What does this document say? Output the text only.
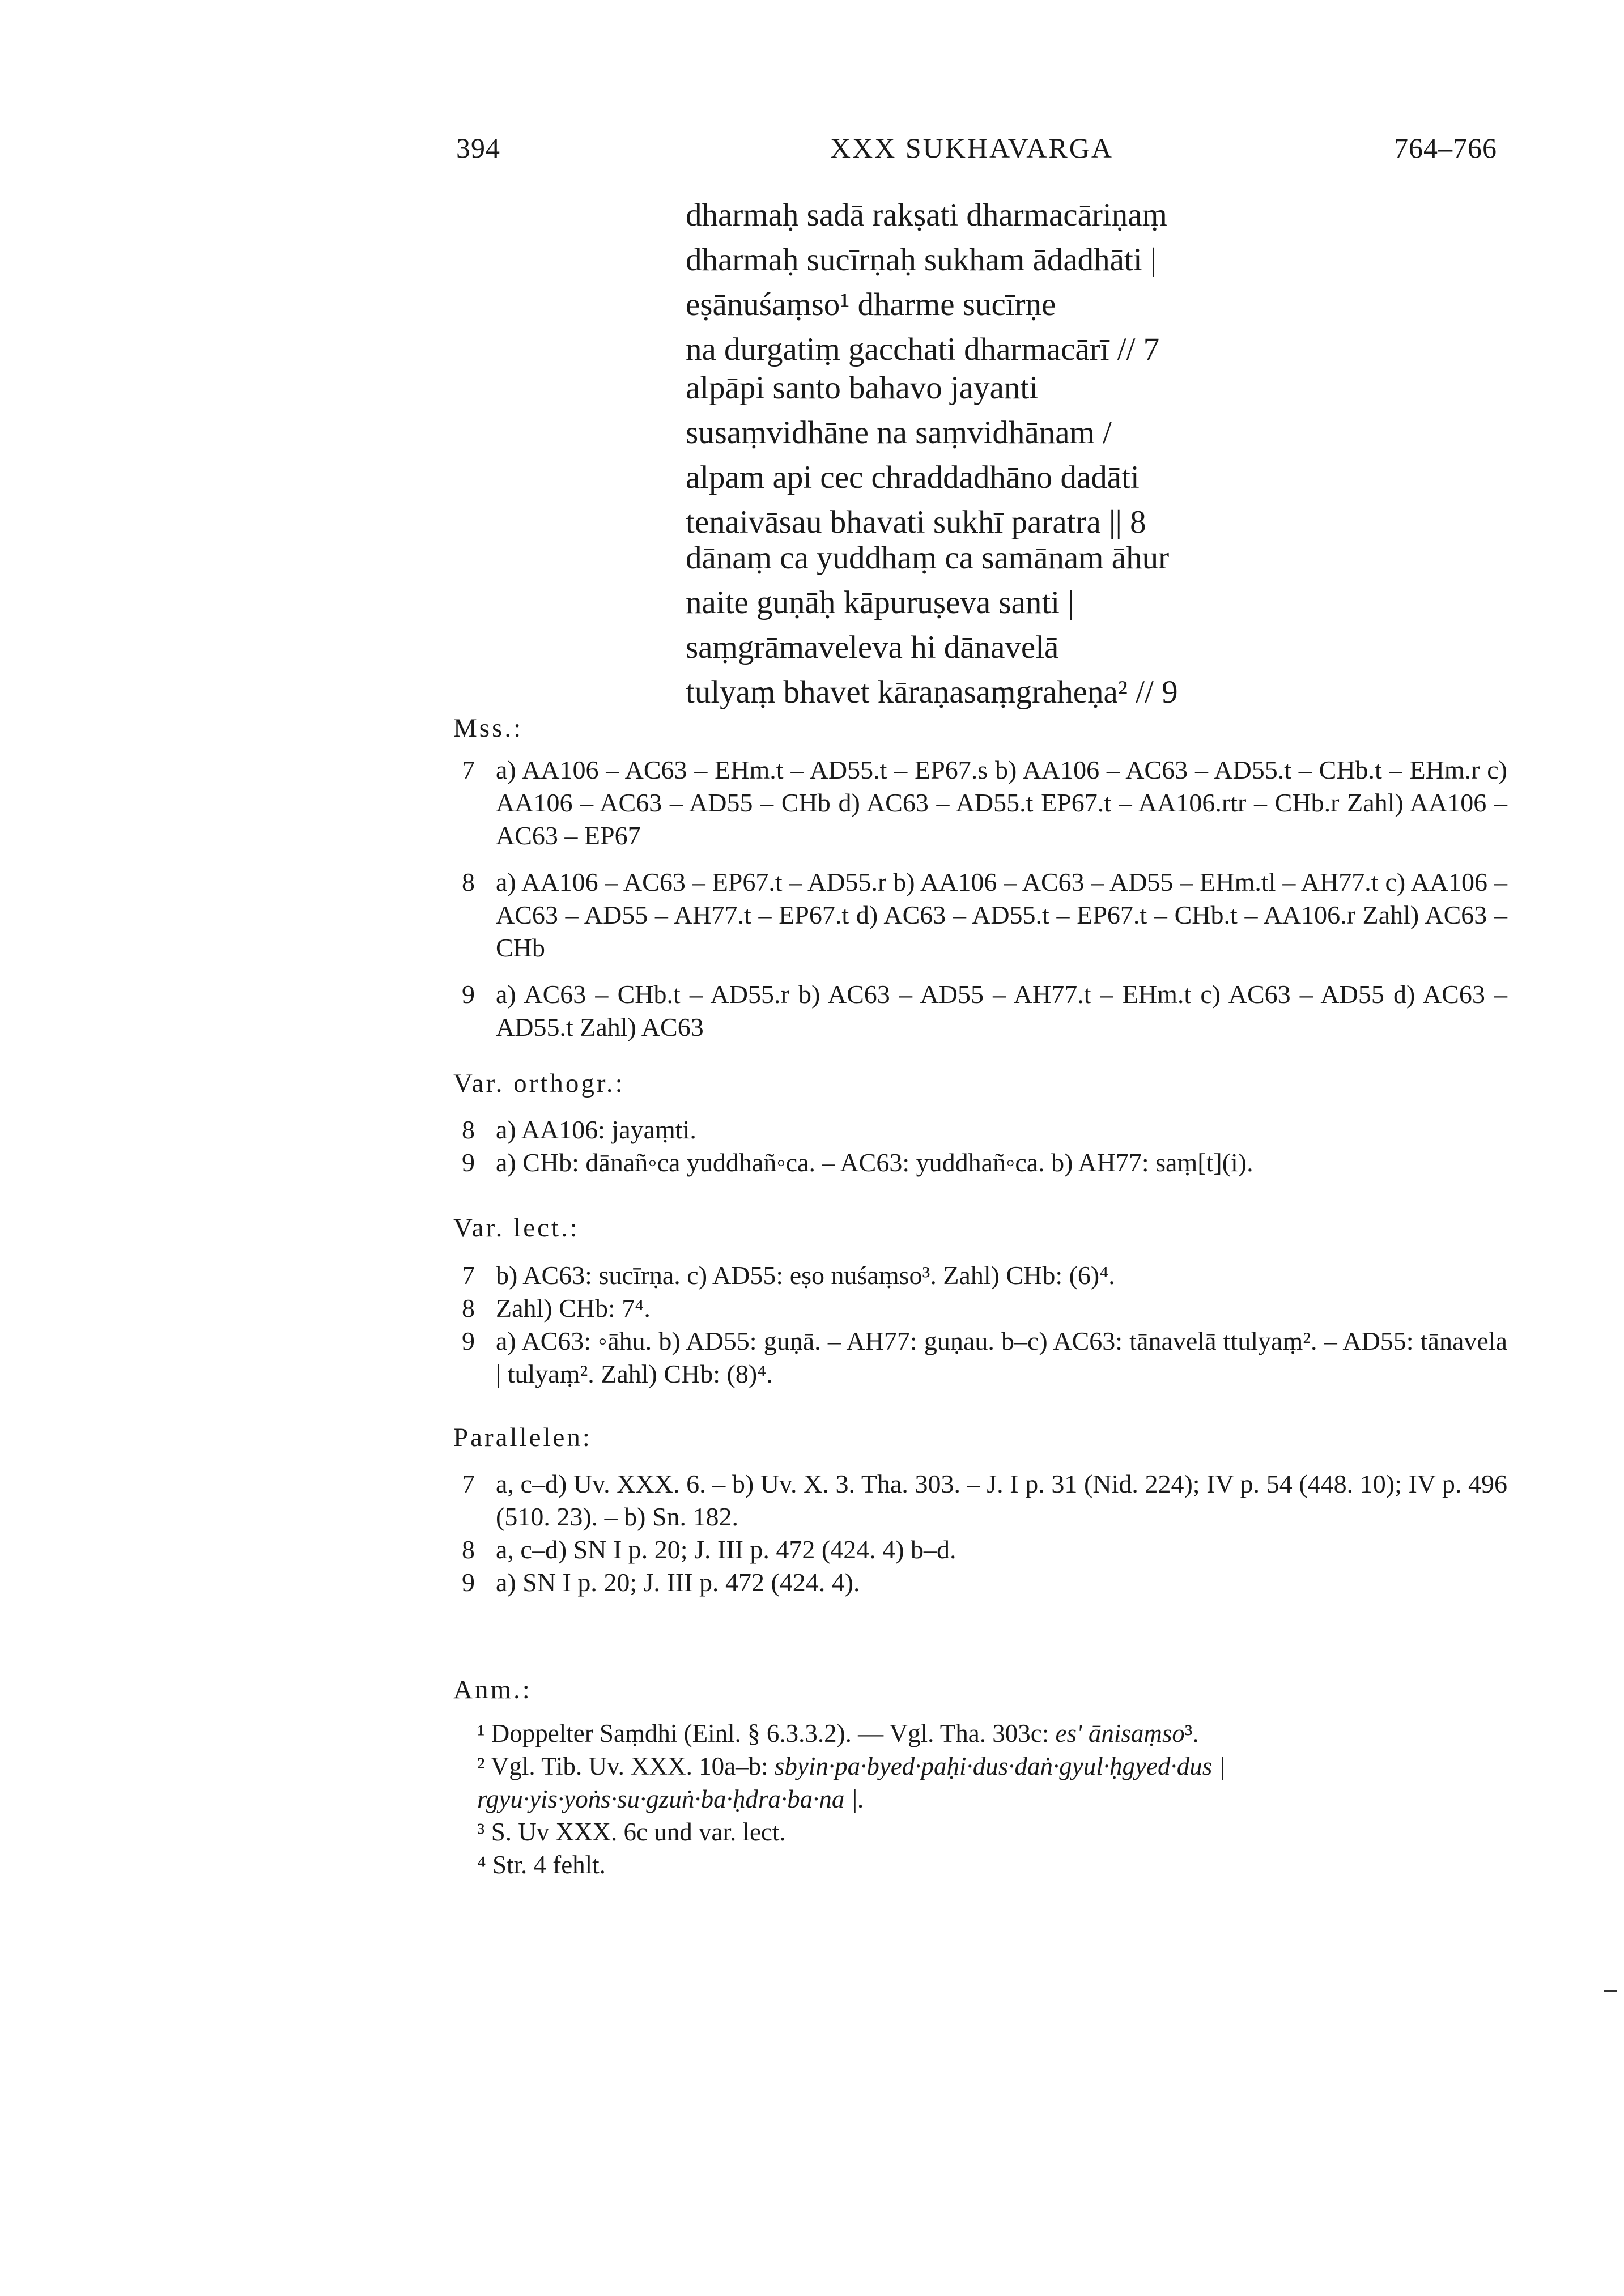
394	XXX SUKHAVARGA	764–766
dharmaḥ sadā rakṣati dharmacāriṇaṃ
dharmaḥ sucīrṇaḥ sukham ādadhāti |
eṣānuśaṃso¹ dharme sucīrṇe
na durgatiṃ gacchati dharmacārī // 7
alpāpi santo bahavo jayanti
susaṃvidhāne na saṃvidhānam /
alpam api cec chraddadhāno dadāti
tenaivāsau bhavati sukhī paratra || 8
dānaṃ ca yuddhaṃ ca samānam āhur
naite guṇāḥ kāpuruṣeva santi |
saṃgrāmaveleva hi dānavelā
tulyaṃ bhavet kāraṇasaṃgraheṇa² // 9
Mss.:
7 a) AA106 – AC63 – EHm.t – AD55.t – EP67.s b) AA106 – AC63 – AD55.t – CHb.t – EHm.r c) AA106 – AC63 – AD55 – CHb d) AC63 – AD55.t EP67.t – AA106.rtr – CHb.r Zahl) AA106 – AC63 – EP67
8 a) AA106 – AC63 – EP67.t – AD55.r b) AA106 – AC63 – AD55 – EHm.tl – AH77.t c) AA106 – AC63 – AD55 – AH77.t – EP67.t d) AC63 – AD55.t – EP67.t – CHb.t – AA106.r Zahl) AC63 – CHb
9 a) AC63 – CHb.t – AD55.r b) AC63 – AD55 – AH77.t – EHm.t c) AC63 – AD55 d) AC63 – AD55.t Zahl) AC63
Var. orthogr.:
8 a) AA106: jayaṃti.
9 a) CHb: dānañ◦ca yuddhañ◦ca. – AC63: yuddhañ◦ca. b) AH77: saṃ[t](i).
Var. lect.:
7 b) AC63: sucīrṇa. c) AD55: eṣo nuśaṃso³. Zahl) CHb: (6)⁴.
8 Zahl) CHb: 7⁴.
9 a) AC63: ◦āhu. b) AD55: guṇā. – AH77: guṇau. b–c) AC63: tānavelā ttulyaṃ². – AD55: tānavela | tulyaṃ². Zahl) CHb: (8)⁴.
Parallelen:
7 a, c–d) Uv. XXX. 6. – b) Uv. X. 3. Tha. 303. – J. I p. 31 (Nid. 224); IV p. 54 (448. 10); IV p. 496 (510. 23). – b) Sn. 182.
8 a, c–d) SN I p. 20; J. III p. 472 (424. 4) b–d.
9 a) SN I p. 20; J. III p. 472 (424. 4).
Anm.:
¹ Doppelter Saṃdhi (Einl. § 6.3.3.2). — Vgl. Tha. 303c: es' ānisaṃso³.
² Vgl. Tib. Uv. XXX. 10a–b: sbyin·pa·byed·paḥi·dus·daṅ·gyul·ḥgyed·dus | rgyu·yis·yoṅs·su·gzuṅ·ba·ḥdra·ba·na |.
³ S. Uv XXX. 6c und var. lect.
⁴ Str. 4 fehlt.
